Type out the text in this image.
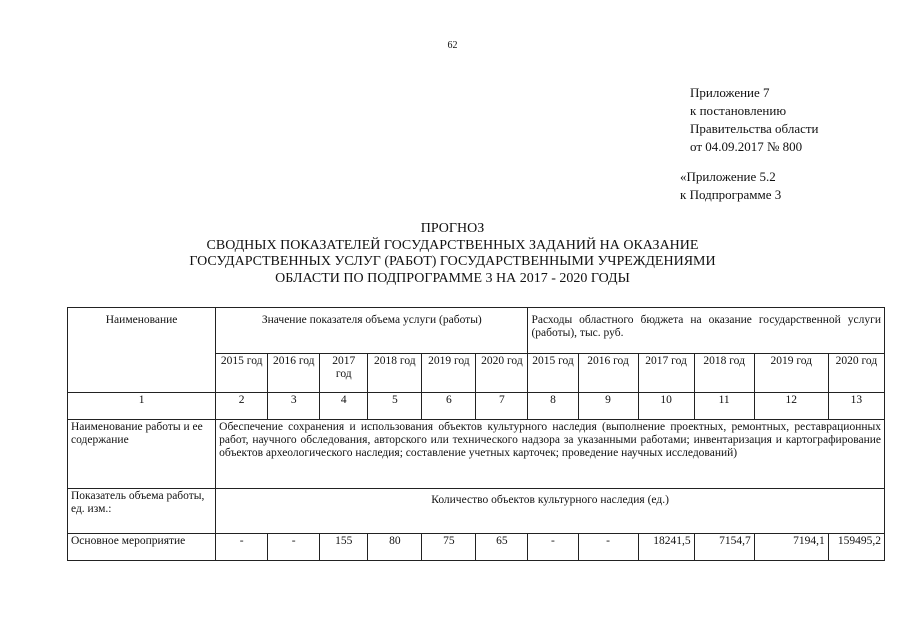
62
Приложение 7
к постановлению
Правительства области
от 04.09.2017 № 800
«Приложение 5.2
к Подпрограмме 3
ПРОГНОЗ
СВОДНЫХ ПОКАЗАТЕЛЕЙ ГОСУДАРСТВЕННЫХ ЗАДАНИЙ НА ОКАЗАНИЕ
ГОСУДАРСТВЕННЫХ УСЛУГ (РАБОТ) ГОСУДАРСТВЕННЫМИ УЧРЕЖДЕНИЯМИ
ОБЛАСТИ ПО ПОДПРОГРАММЕ 3 НА 2017 - 2020 ГОДЫ
Наименование	Значение показателя объема услуги (работы)						Расходы областного бюджета на оказание государственной услуги (работы), тыс. руб.					
	2015 год	2016 год	2017 год	2018 год	2019 год	2020 год	2015 год	2016 год	2017 год	2018 год	2019 год	2020 год
1	2	3	4	5	6	7	8	9	10	11	12	13
Наименование работы и ее содержание	Обеспечение сохранения и использования объектов культурного наследия (выполнение проектных, ремонтных, реставрационных работ, научного обследования, авторского или технического надзора за указанными работами; инвентаризация и картографирование объектов археологического наследия; составление учетных карточек; проведение научных исследований)											
Показатель объема работы, ед. изм.:	Количество объектов культурного наследия (ед.)											
Основное мероприятие	-	-	155	80	75	65	-	-	18241,5	7154,7	7194,1	159495,2
